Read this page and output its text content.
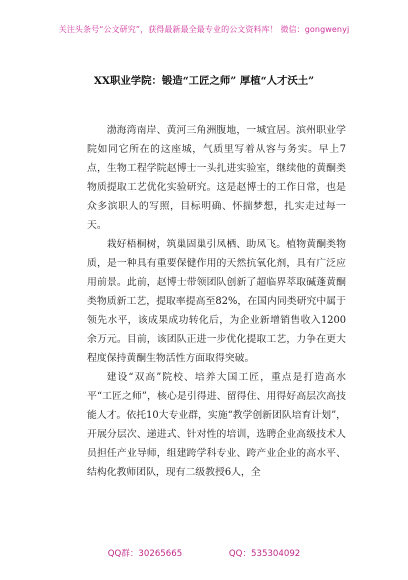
关注头条号“公文研究”，获得最新最全最专业的公文资料库！ 微信：gongwenyj
XX职业学院：锻造“工匠之师” 厚植“人才沃土”

渤海湾南岸、黄河三角洲腹地，一城宜居。滨州职业学院如同它所在的这座城，气质里写着从容与务实。早上7点，生物工程学院赵博士一头扎进实验室，继续他的黄酮类物质提取工艺优化实验研究。这是赵博士的工作日常，也是众多滨职人的写照，目标明确、怀揣梦想，扎实走过每一天。

栽好梧桐树，筑巢固巢引凤栖、助凤飞。植物黄酮类物质，是一种具有重要保健作用的天然抗氧化剂，具有广泛应用前景。此前，赵博士带领团队创新了超临界萃取碱蓬黄酮类物质新工艺，提取率提高至82%，在国内同类研究中属于领先水平，该成果成功转化后，为企业新增销售收入1200余万元。目前，该团队正进一步优化提取工艺，力争在更大程度保持黄酮生物活性方面取得突破。

建设“双高”院校、培养大国工匠，重点是打造高水平“工匠之师”，核心是引得进、留得住、用得好高层次高技能人才。依托10大专业群，实施“教学创新团队培育计划”，开展分层次、递进式、针对性的培训，选聘企业高级技术人员担任产业导师，组建跨学科专业、跨产业企业的高水平、结构化教师团队，现有二级教授6人，全

QQ群：30265665	QQ：535304092
